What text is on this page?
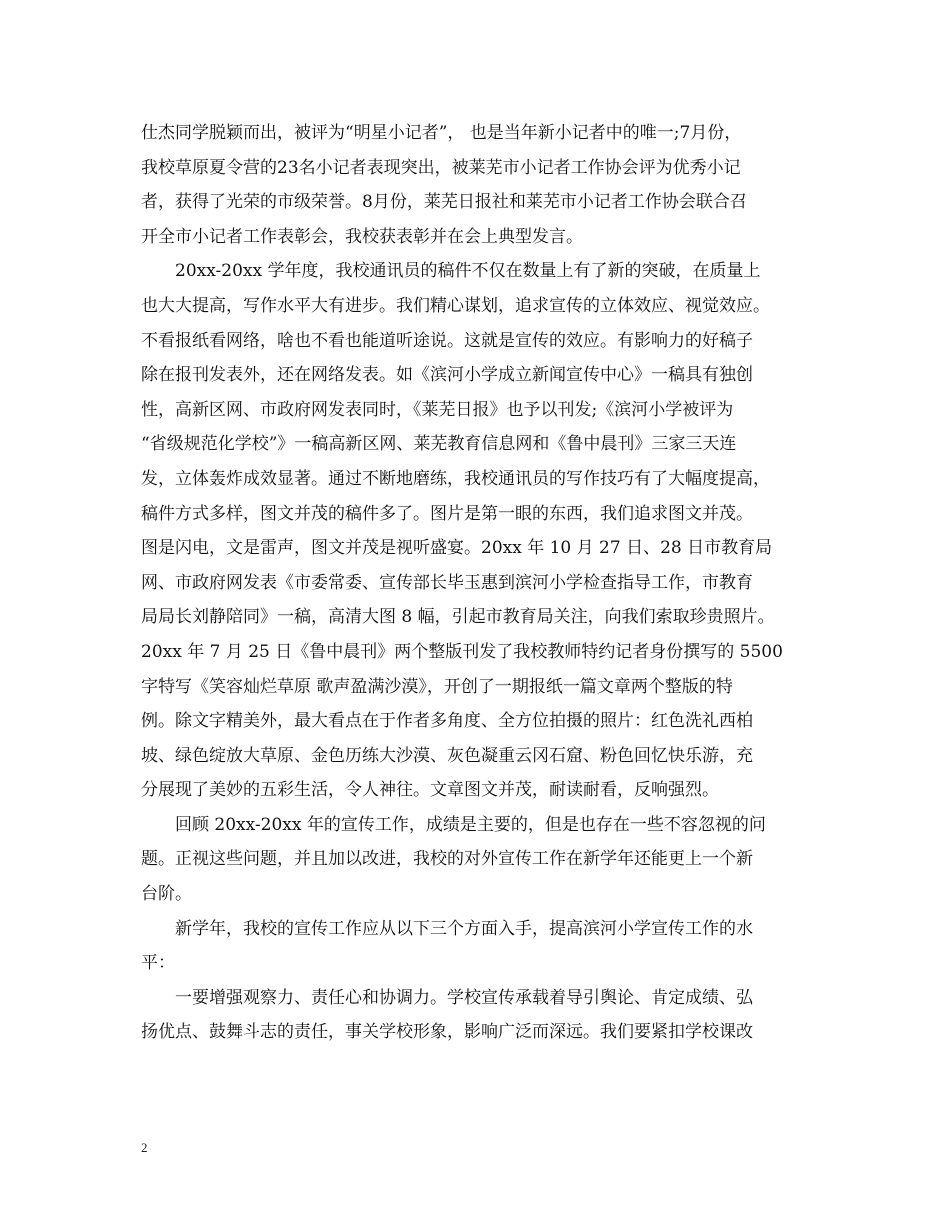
仕杰同学脱颖而出，被评为“明星小记者”， 也是当年新小记者中的唯一;7月份，
我校草原夏令营的23名小记者表现突出，被莱芜市小记者工作协会评为优秀小记
者，获得了光荣的市级荣誉。8月份，莱芜日报社和莱芜市小记者工作协会联合召
开全市小记者工作表彰会，我校获表彰并在会上典型发言。

20xx-20xx 学年度，我校通讯员的稿件不仅在数量上有了新的突破，在质量上
也大大提高，写作水平大有进步。我们精心谋划，追求宣传的立体效应、视觉效应。
不看报纸看网络，啥也不看也能道听途说。这就是宣传的效应。有影响力的好稿子
除在报刊发表外，还在网络发表。如《滨河小学成立新闻宣传中心》一稿具有独创
性，高新区网、市政府网发表同时，《莱芜日报》也予以刊发;《滨河小学被评为
“省级规范化学校”》一稿高新区网、莱芜教育信息网和《鲁中晨刊》三家三天连
发，立体轰炸成效显著。通过不断地磨练，我校通讯员的写作技巧有了大幅度提高，
稿件方式多样，图文并茂的稿件多了。图片是第一眼的东西，我们追求图文并茂。
图是闪电，文是雷声，图文并茂是视听盛宴。20xx 年 10 月 27 日、28 日市教育局
网、市政府网发表《市委常委、宣传部长毕玉惠到滨河小学检查指导工作，市教育
局局长刘静陪同》一稿，高清大图 8 幅，引起市教育局关注，向我们索取珍贵照片。
20xx 年 7 月 25 日《鲁中晨刊》两个整版刊发了我校教师特约记者身份撰写的 5500
字特写《笑容灿烂草原 歌声盈满沙漠》，开创了一期报纸一篇文章两个整版的特
例。除文字精美外，最大看点在于作者多角度、全方位拍摄的照片：红色洗礼西柏
坡、绿色绽放大草原、金色历练大沙漠、灰色凝重云冈石窟、粉色回忆快乐游，充
分展现了美妙的五彩生活，令人神往。文章图文并茂，耐读耐看，反响强烈。

回顾 20xx-20xx 年的宣传工作，成绩是主要的，但是也存在一些不容忽视的问
题。正视这些问题，并且加以改进，我校的对外宣传工作在新学年还能更上一个新
台阶。

新学年，我校的宣传工作应从以下三个方面入手，提高滨河小学宣传工作的水
平：

一要增强观察力、责任心和协调力。学校宣传承载着导引舆论、肯定成绩、弘
扬优点、鼓舞斗志的责任，事关学校形象，影响广泛而深远。我们要紧扣学校课改

2
